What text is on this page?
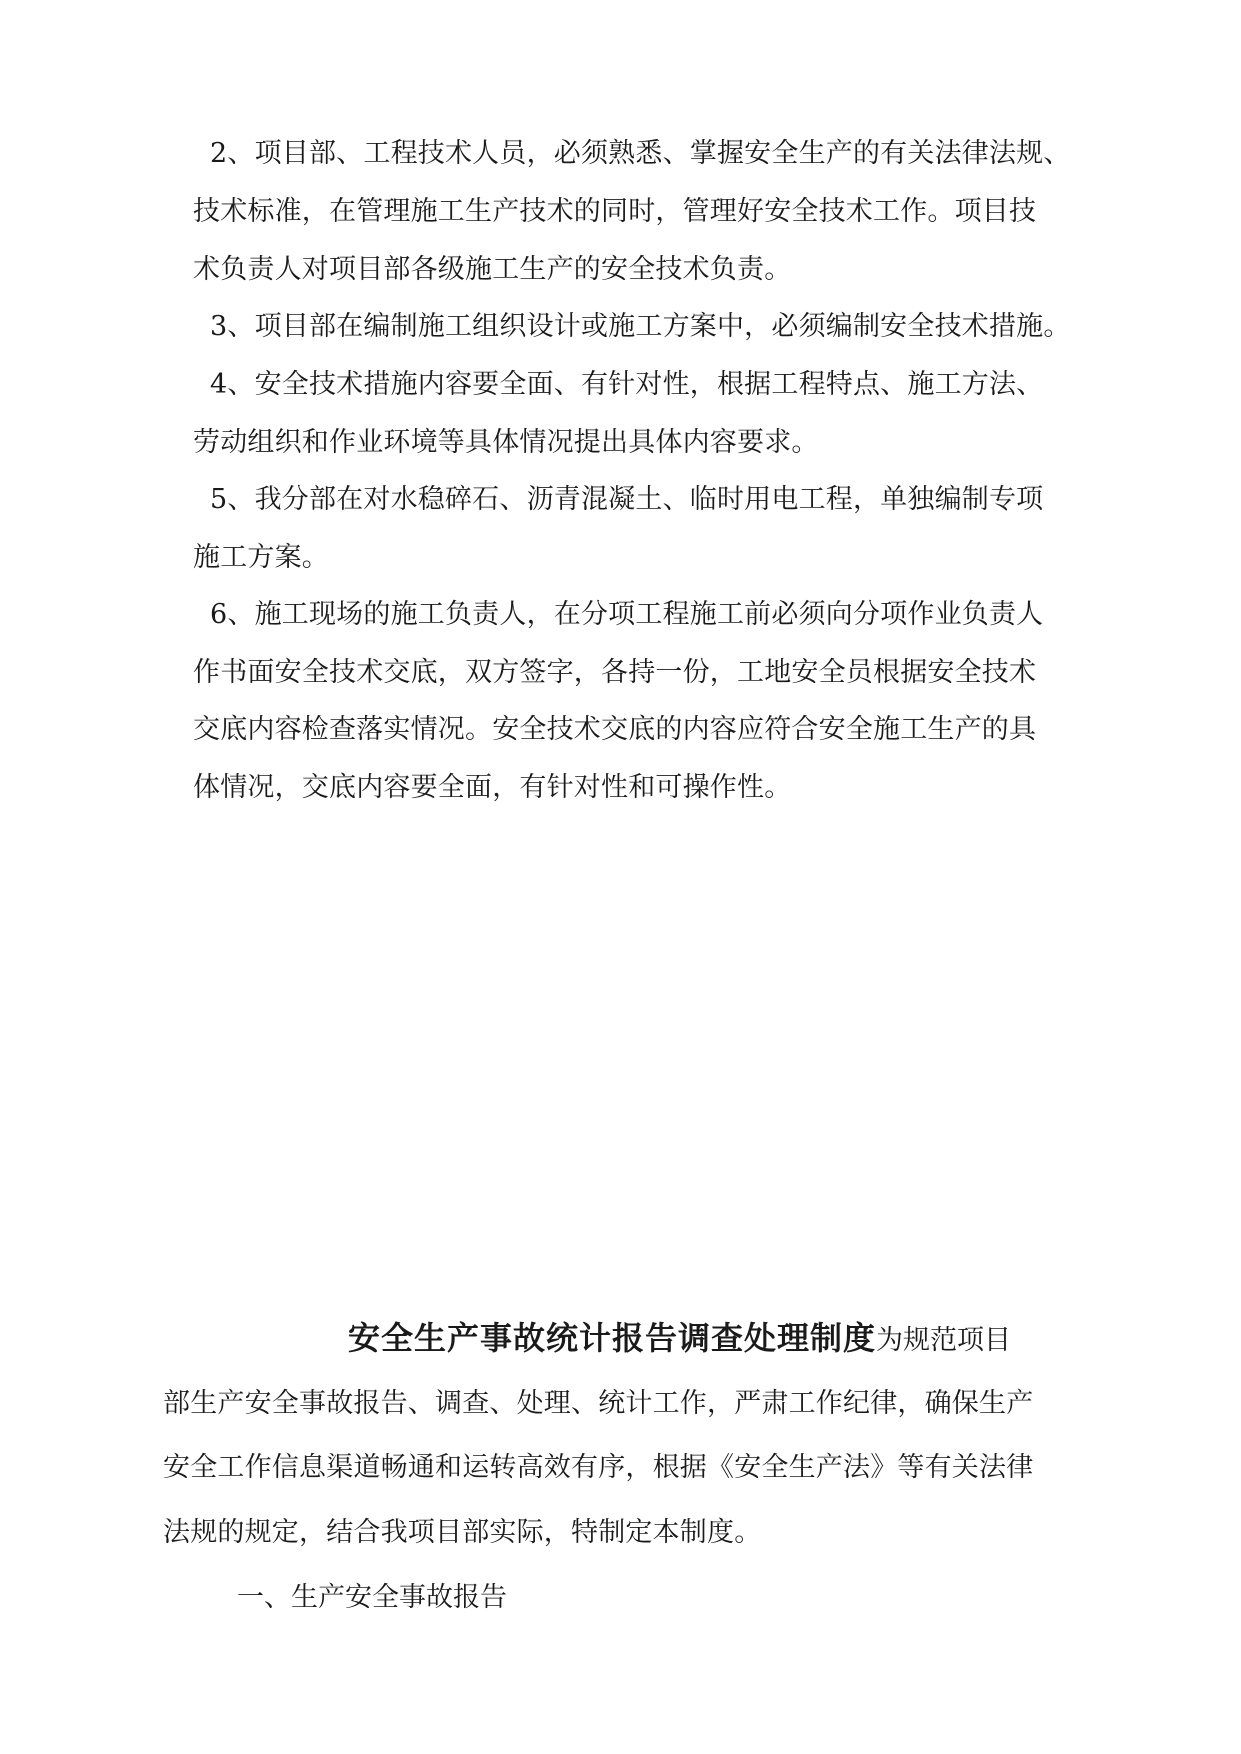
2、项目部、工程技术人员，必须熟悉、掌握安全生产的有关法律法规、
技术标准，在管理施工生产技术的同时，管理好安全技术工作。项目技
术负责人对项目部各级施工生产的安全技术负责。
3、项目部在编制施工组织设计或施工方案中，必须编制安全技术措施。
4、安全技术措施内容要全面、有针对性，根据工程特点、施工方法、
劳动组织和作业环境等具体情况提出具体内容要求。
5、我分部在对水稳碎石、沥青混凝土、临时用电工程，单独编制专项
施工方案。
6、施工现场的施工负责人，在分项工程施工前必须向分项作业负责人
作书面安全技术交底，双方签字，各持一份，工地安全员根据安全技术
交底内容检查落实情况。安全技术交底的内容应符合安全施工生产的具
体情况，交底内容要全面，有针对性和可操作性。
安全生产事故统计报告调查处理制度为规范项目
部生产安全事故报告、调查、处理、统计工作，严肃工作纪律，确保生产
安全工作信息渠道畅通和运转高效有序，根据《安全生产法》等有关法律
法规的规定，结合我项目部实际，特制定本制度。
一、生产安全事故报告
